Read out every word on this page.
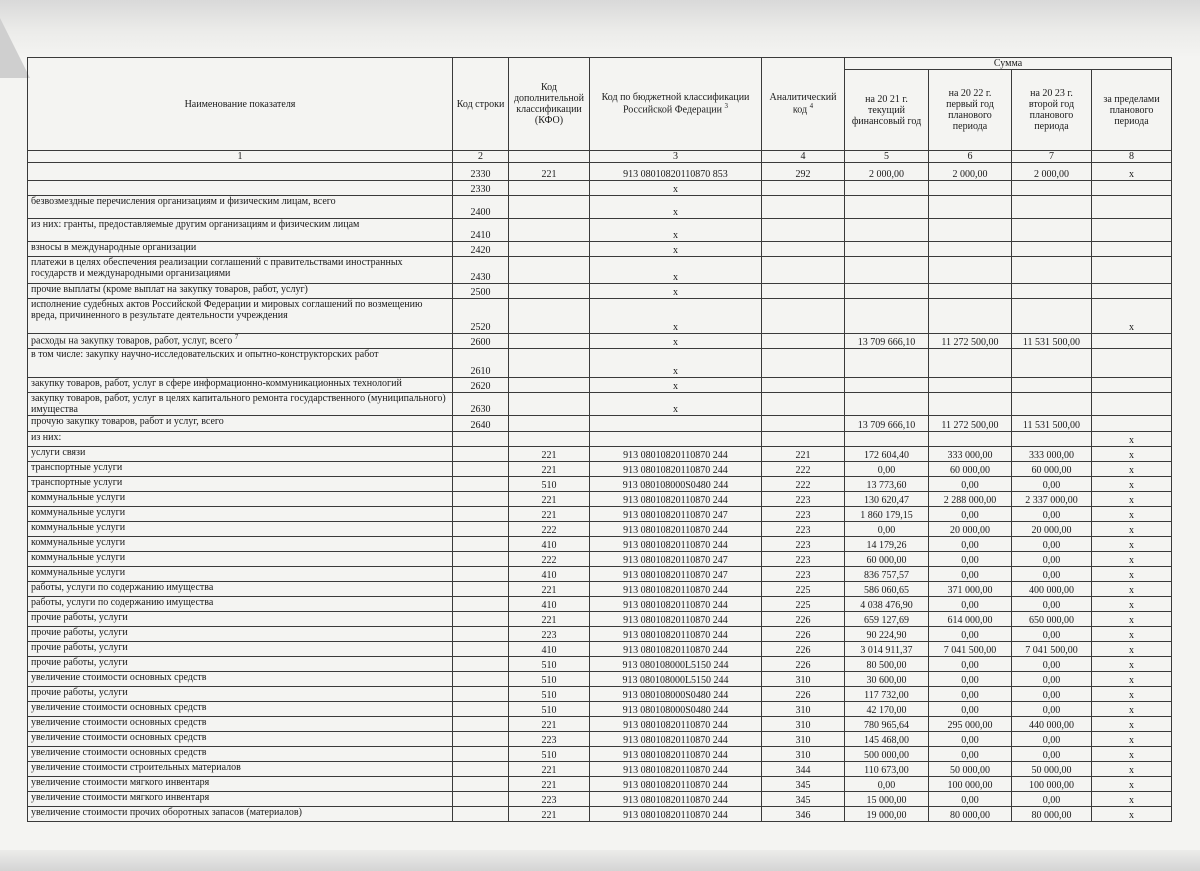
Наименование показателя	Код строки	Код дополнительной классификации (КФО)	Код по бюджетной классификации Российской Федерации $^3$	Аналитический код $^4$	Сумма			
					на 20 21 г. текущий финансовый год	на 20 22 г. первый год планового периода	на 20 23 г. второй год планового периода	за пределами планового периода
1	2		3	4	5	6	7	8
	2330	221	913 08010820110870 853	292	2 000,00	2 000,00	2 000,00	x
	2330		x					
безвозмездные перечисления организациям и физическим лицам, всего	2400		x					
из них: гранты, предоставляемые другим организациям и физическим лицам	2410		x					
взносы в международные организации	2420		x					
платежи в целях обеспечения реализации соглашений с правительствами иностранных государств и международными организациями	2430		x					
прочие выплаты (кроме выплат на закупку товаров, работ, услуг)	2500		x					
исполнение судебных актов Российской Федерации и мировых соглашений по возмещению вреда, причиненного в результате деятельности учреждения	2520		x					x
расходы на закупку товаров, работ, услуг, всего $^7$	2600		x		13 709 666,10	11 272 500,00	11 531 500,00	
в том числе: закупку научно-исследовательских и опытно-конструкторских работ	2610		x					
закупку товаров, работ, услуг в сфере информационно-коммуникационных технологий	2620		x					
закупку товаров, работ, услуг в целях капитального ремонта государственного (муниципального) имущества	2630		x					
прочую закупку товаров, работ и услуг, всего	2640				13 709 666,10	11 272 500,00	11 531 500,00	
из них:								x
услуги связи		221	913 08010820110870 244	221	172 604,40	333 000,00	333 000,00	x
транспортные услуги		221	913 08010820110870 244	222	0,00	60 000,00	60 000,00	x
транспортные услуги		510	913 080108000S0480 244	222	13 773,60	0,00	0,00	x
коммунальные услуги		221	913 08010820110870 244	223	130 620,47	2 288 000,00	2 337 000,00	x
коммунальные услуги		221	913 08010820110870 247	223	1 860 179,15	0,00	0,00	x
коммунальные услуги		222	913 08010820110870 244	223	0,00	20 000,00	20 000,00	x
коммунальные услуги		410	913 08010820110870 244	223	14 179,26	0,00	0,00	x
коммунальные услуги		222	913 08010820110870 247	223	60 000,00	0,00	0,00	x
коммунальные услуги		410	913 08010820110870 247	223	836 757,57	0,00	0,00	x
работы, услуги по содержанию имущества		221	913 08010820110870 244	225	586 060,65	371 000,00	400 000,00	x
работы, услуги по содержанию имущества		410	913 08010820110870 244	225	4 038 476,90	0,00	0,00	x
прочие работы, услуги		221	913 08010820110870 244	226	659 127,69	614 000,00	650 000,00	x
прочие работы, услуги		223	913 08010820110870 244	226	90 224,90	0,00	0,00	x
прочие работы, услуги		410	913 08010820110870 244	226	3 014 911,37	7 041 500,00	7 041 500,00	x
прочие работы, услуги		510	913 080108000L5150 244	226	80 500,00	0,00	0,00	x
увеличение стоимости основных средств		510	913 080108000L5150 244	310	30 600,00	0,00	0,00	x
прочие работы, услуги		510	913 080108000S0480 244	226	117 732,00	0,00	0,00	x
увеличение стоимости основных средств		510	913 080108000S0480 244	310	42 170,00	0,00	0,00	x
увеличение стоимости основных средств		221	913 08010820110870 244	310	780 965,64	295 000,00	440 000,00	x
увеличение стоимости основных средств		223	913 08010820110870 244	310	145 468,00	0,00	0,00	x
увеличение стоимости основных средств		510	913 08010820110870 244	310	500 000,00	0,00	0,00	x
увеличение стоимости строительных материалов		221	913 08010820110870 244	344	110 673,00	50 000,00	50 000,00	x
увеличение стоимости мягкого инвентаря		221	913 08010820110870 244	345	0,00	100 000,00	100 000,00	x
увеличение стоимости мягкого инвентаря		223	913 08010820110870 244	345	15 000,00	0,00	0,00	x
увеличение стоимости прочих оборотных запасов (материалов)		221	913 08010820110870 244	346	19 000,00	80 000,00	80 000,00	x
